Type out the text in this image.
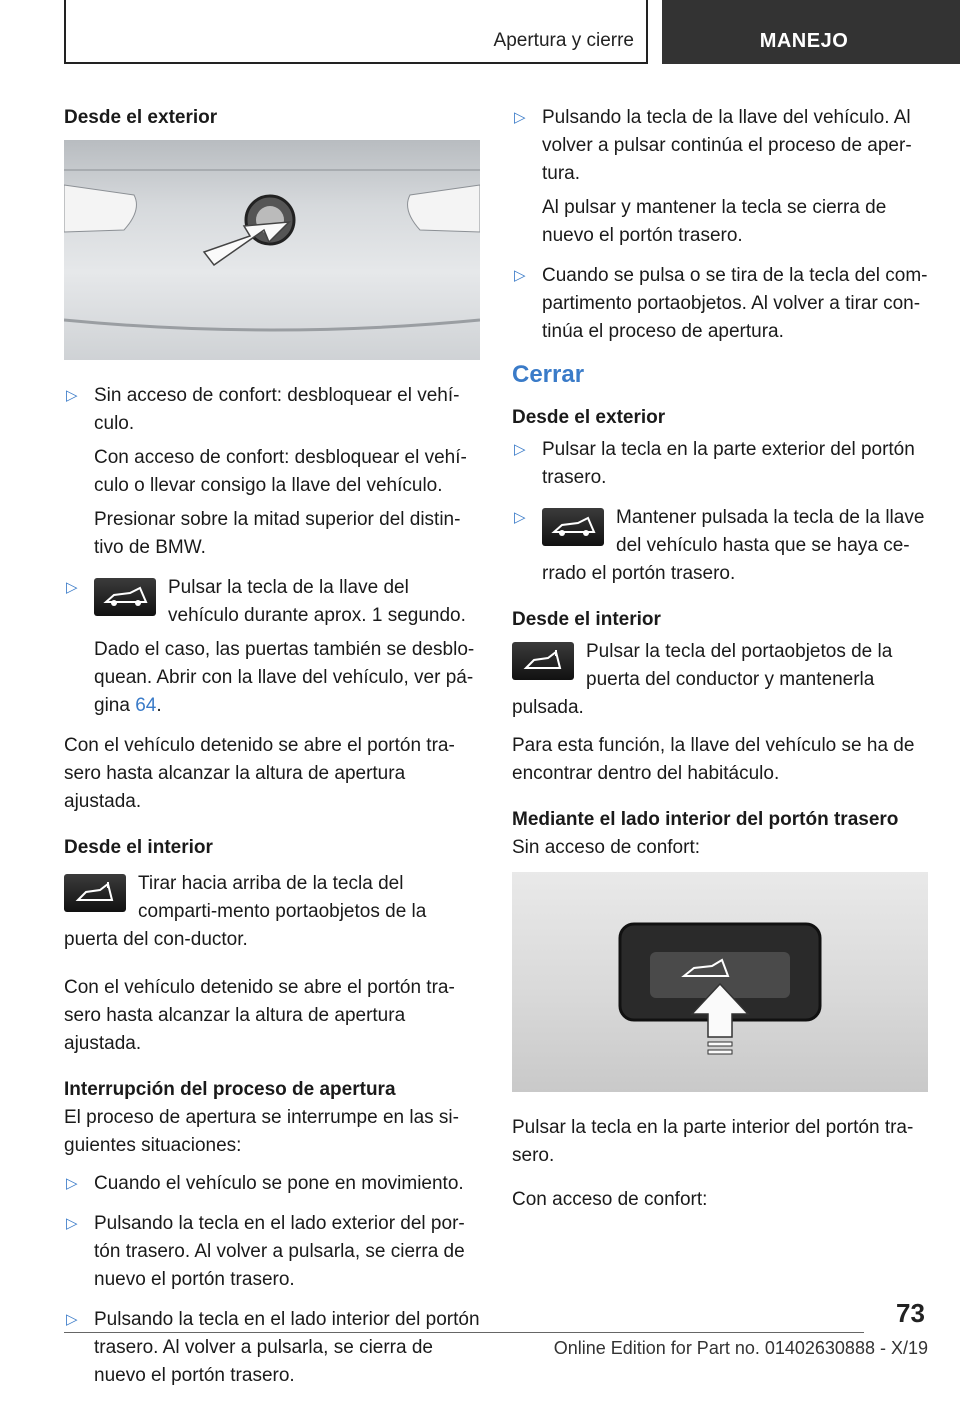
Apertura y cierre	MANEJO
Desde el exterior
▷ Sin acceso de confort: desbloquear el vehí-culo.

Con acceso de confort: desbloquear el vehí-culo o llevar consigo la llave del vehículo.

Presionar sobre la mitad superior del distin-tivo de BMW.

▷	Pulsar la tecla de la llave del vehículo durante aprox. 1 segundo.

Dado el caso, las puertas también se desblo-quean. Abrir con la llave del vehículo, ver pá-gina 64.

Con el vehículo detenido se abre el portón tra-sero hasta alcanzar la altura de apertura ajustada.

Desde el interior

Tirar hacia arriba de la tecla del comparti-mento portaobjetos de la puerta del con-ductor.

Con el vehículo detenido se abre el portón tra-sero hasta alcanzar la altura de apertura ajustada.

Interrupción del proceso de apertura

El proceso de apertura se interrumpe en las si-guientes situaciones:

▷ Cuando el vehículo se pone en movimiento.

▷ Pulsando la tecla en el lado exterior del por-tón trasero. Al volver a pulsarla, se cierra de nuevo el portón trasero.

▷ Pulsando la tecla en el lado interior del portón trasero. Al volver a pulsarla, se cierra de nuevo el portón trasero.

▷ Pulsando la tecla de la llave del vehículo. Al volver a pulsar continúa el proceso de aper-tura.

Al pulsar y mantener la tecla se cierra de nuevo el portón trasero.

▷ Cuando se pulsa o se tira de la tecla del com-partimento portaobjetos. Al volver a tirar con-tinúa el proceso de apertura.

Cerrar
Desde el exterior
▷ Pulsar la tecla en la parte exterior del portón trasero.

▷	Mantener pulsada la tecla de la llave del vehículo hasta que se haya ce-rrado el portón trasero.

Desde el interior

Pulsar la tecla del portaobjetos de la puerta del conductor y mantenerla pulsada.

Para esta función, la llave del vehículo se ha de encontrar dentro del habitáculo.

Mediante el lado interior del portón trasero

Sin acceso de confort:

Pulsar la tecla en la parte interior del portón tra-sero.

Con acceso de confort:

73
Online Edition for Part no. 01402630888 - X/19
